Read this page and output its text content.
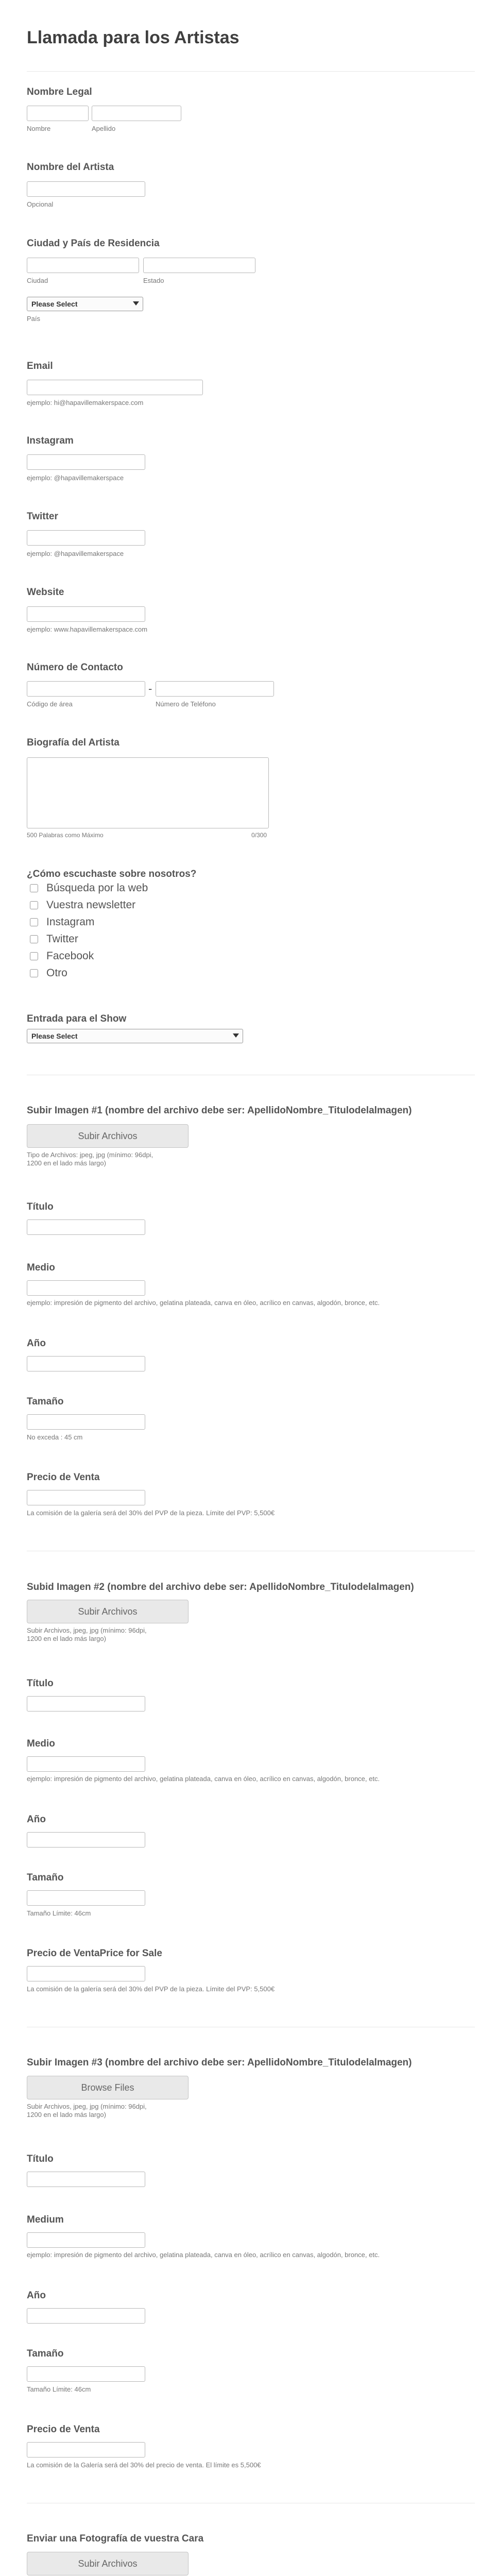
Llamada para los Artistas
Nombre Legal
Nombre	Apellido
Nombre del Artista
Opcional
Ciudad y País de Residencia
Ciudad	Estado
Please Select
País
Email
ejemplo: hi@hapavillemakerspace.com
Instagram
ejemplo: @hapavillemakerspace
Twitter
ejemplo: @hapavillemakerspace
Website
ejemplo: www.hapavillemakerspace.com
Número de Contacto
-
Código de área	Número de Teléfono
Biografía del Artista
500 Palabras como Máximo	0/300
¿Cómo escuchaste sobre nosotros?
Búsqueda por la web
Vuestra newsletter
Instagram
Twitter
Facebook
Otro
Entrada para el Show
Please Select
Subir Imagen #1 (nombre del archivo debe ser: ApellidoNombre_Titulodelalmagen)
Subir Archivos
Tipo de Archivos: jpeg, jpg (mínimo: 96dpi,
1200 en el lado más largo)
Título
Medio
ejemplo: impresión de pigmento del archivo, gelatina plateada, canva en óleo, acrílico en canvas, algodón, bronce, etc.
Año
Tamaño
No exceda : 45 cm
Precio de Venta
La comisión de la galería será del 30% del PVP de la pieza. Límite del PVP: 5,500€
Subid Imagen #2 (nombre del archivo debe ser: ApellidoNombre_Titulodelalmagen)
Subir Archivos
Subir Archivos, jpeg, jpg (mínimo: 96dpi,
1200 en el lado más largo)
Título
Medio
ejemplo: impresión de pigmento del archivo, gelatina plateada, canva en óleo, acrílico en canvas, algodón, bronce, etc.
Año
Tamaño
Tamaño Límite: 46cm
Precio de VentaPrice for Sale
La comisión de la galería será del 30% del PVP de la pieza. Límite del PVP: 5,500€
Subir Imagen #3 (nombre del archivo debe ser: ApellidoNombre_Titulodelalmagen)
Browse Files
Subir Archivos, jpeg, jpg (mínimo: 96dpi,
1200 en el lado más largo)
Título
Medium
ejemplo: impresión de pigmento del archivo, gelatina plateada, canva en óleo, acrílico en canvas, algodón, bronce, etc.
Año
Tamaño
Tamaño Límite: 46cm
Precio de Venta
La comisión de la Galería será del 30% del precio de venta. El límite es 5,500€
Enviar una Fotografía de vuestra Cara
Subir Archivos
